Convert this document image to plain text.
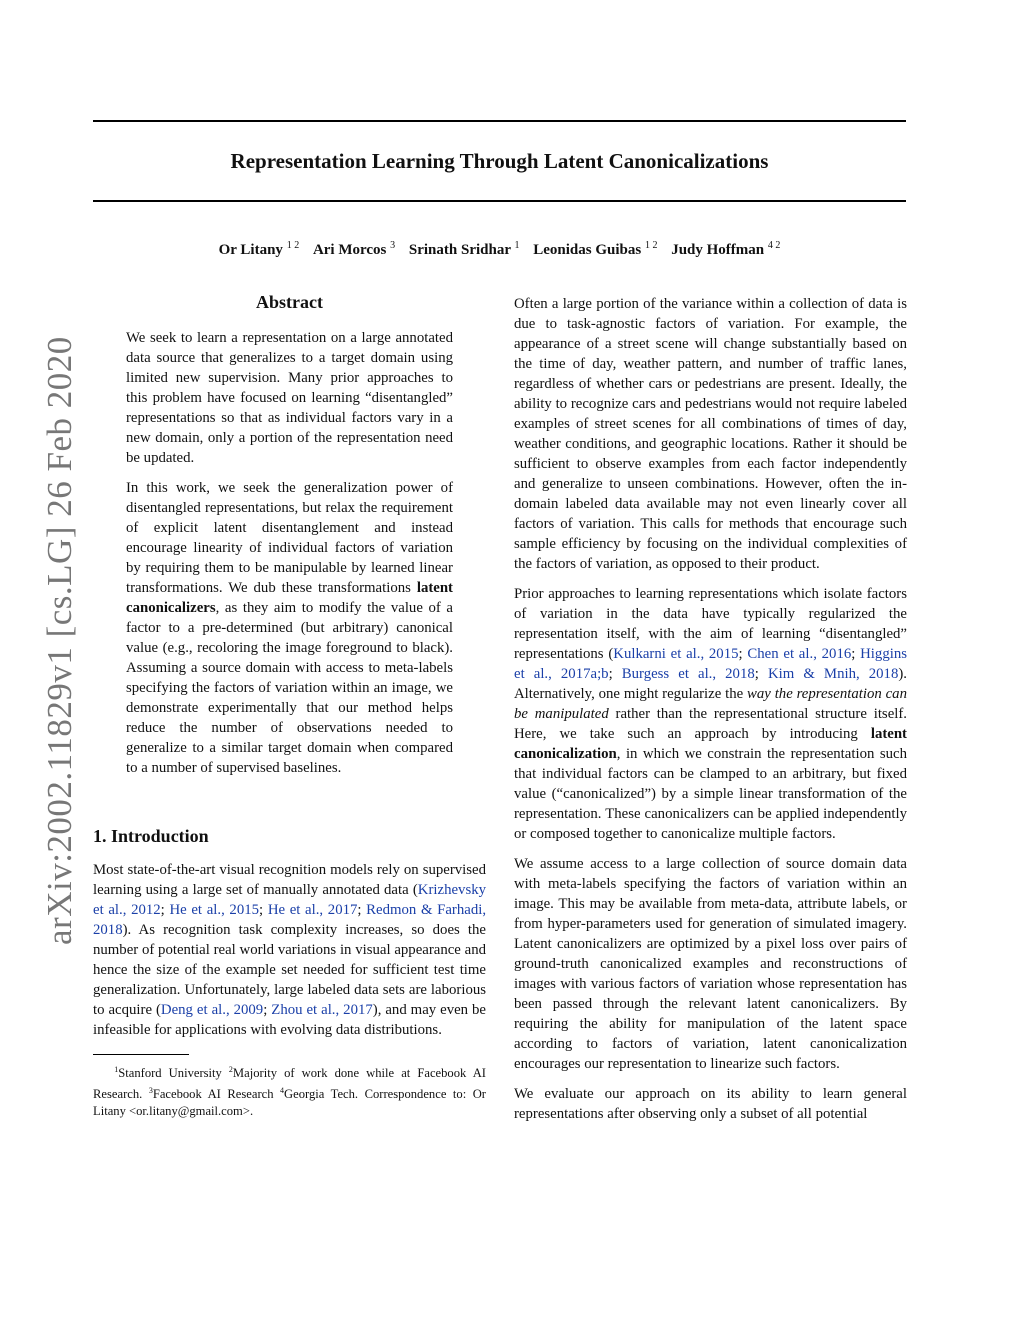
arXiv:2002.11829v1 [cs.LG] 26 Feb 2020
Representation Learning Through Latent Canonicalizations
Or Litany $^{1 2}$ Ari Morcos $^3$ Srinath Sridhar $^1$ Leonidas Guibas $^{1 2}$ Judy Hoffman $^{4 2}$
Abstract

We seek to learn a representation on a large annotated data source that generalizes to a target domain using limited new supervision. Many prior approaches to this problem have focused on learning “disentangled” representations so that as individual factors vary in a new domain, only a portion of the representation need be updated.

In this work, we seek the generalization power of disentangled representations, but relax the requirement of explicit latent disentanglement and instead encourage linearity of individual factors of variation by requiring them to be manipulable by learned linear transformations. We dub these transformations latent canonicalizers, as they aim to modify the value of a factor to a pre-determined (but arbitrary) canonical value (e.g., recoloring the image foreground to black). Assuming a source domain with access to meta-labels specifying the factors of variation within an image, we demonstrate experimentally that our method helps reduce the number of observations needed to generalize to a similar target domain when compared to a number of supervised baselines.

1. Introduction

Most state-of-the-art visual recognition models rely on supervised learning using a large set of manually annotated data (Krizhevsky et al., 2012; He et al., 2015; He et al., 2017; Redmon & Farhadi, 2018). As recognition task complexity increases, so does the number of potential real world variations in visual appearance and hence the size of the example set needed for sufficient test time generalization. Unfortunately, large labeled data sets are laborious to acquire (Deng et al., 2009; Zhou et al., 2017), and may even be infeasible for applications with evolving data distributions.

$^1$Stanford University $^2$Majority of work done while at Facebook AI Research. $^3$Facebook AI Research $^4$Georgia Tech. Correspondence to: Or Litany <or.litany@gmail.com>.

Often a large portion of the variance within a collection of data is due to task-agnostic factors of variation. For example, the appearance of a street scene will change substantially based on the time of day, weather pattern, and number of traffic lanes, regardless of whether cars or pedestrians are present. Ideally, the ability to recognize cars and pedestrians would not require labeled examples of street scenes for all combinations of times of day, weather conditions, and geographic locations. Rather it should be sufficient to observe examples from each factor independently and generalize to unseen combinations. However, often the in-domain labeled data available may not even linearly cover all factors of variation. This calls for methods that encourage such sample efficiency by focusing on the individual complexities of the factors of variation, as opposed to their product.

Prior approaches to learning representations which isolate factors of variation in the data have typically regularized the representation itself, with the aim of learning “disentangled” representations (Kulkarni et al., 2015; Chen et al., 2016; Higgins et al., 2017a;b; Burgess et al., 2018; Kim & Mnih, 2018). Alternatively, one might regularize the way the representation can be manipulated rather than the representational structure itself. Here, we take such an approach by introducing latent canonicalization, in which we constrain the representation such that individual factors can be clamped to an arbitrary, but fixed value (“canonicalized”) by a simple linear transformation of the representation. These canonicalizers can be applied independently or composed together to canonicalize multiple factors.

We assume access to a large collection of source domain data with meta-labels specifying the factors of variation within an image. This may be available from meta-data, attribute labels, or from hyper-parameters used for generation of simulated imagery. Latent canonicalizers are optimized by a pixel loss over pairs of ground-truth canonicalized examples and reconstructions of images with various factors of variation whose representation has been passed through the relevant latent canonicalizers. By requiring the ability for manipulation of the latent space according to factors of variation, latent canonicalization encourages our representation to linearize such factors.

We evaluate our approach on its ability to learn general representations after observing only a subset of all potential
